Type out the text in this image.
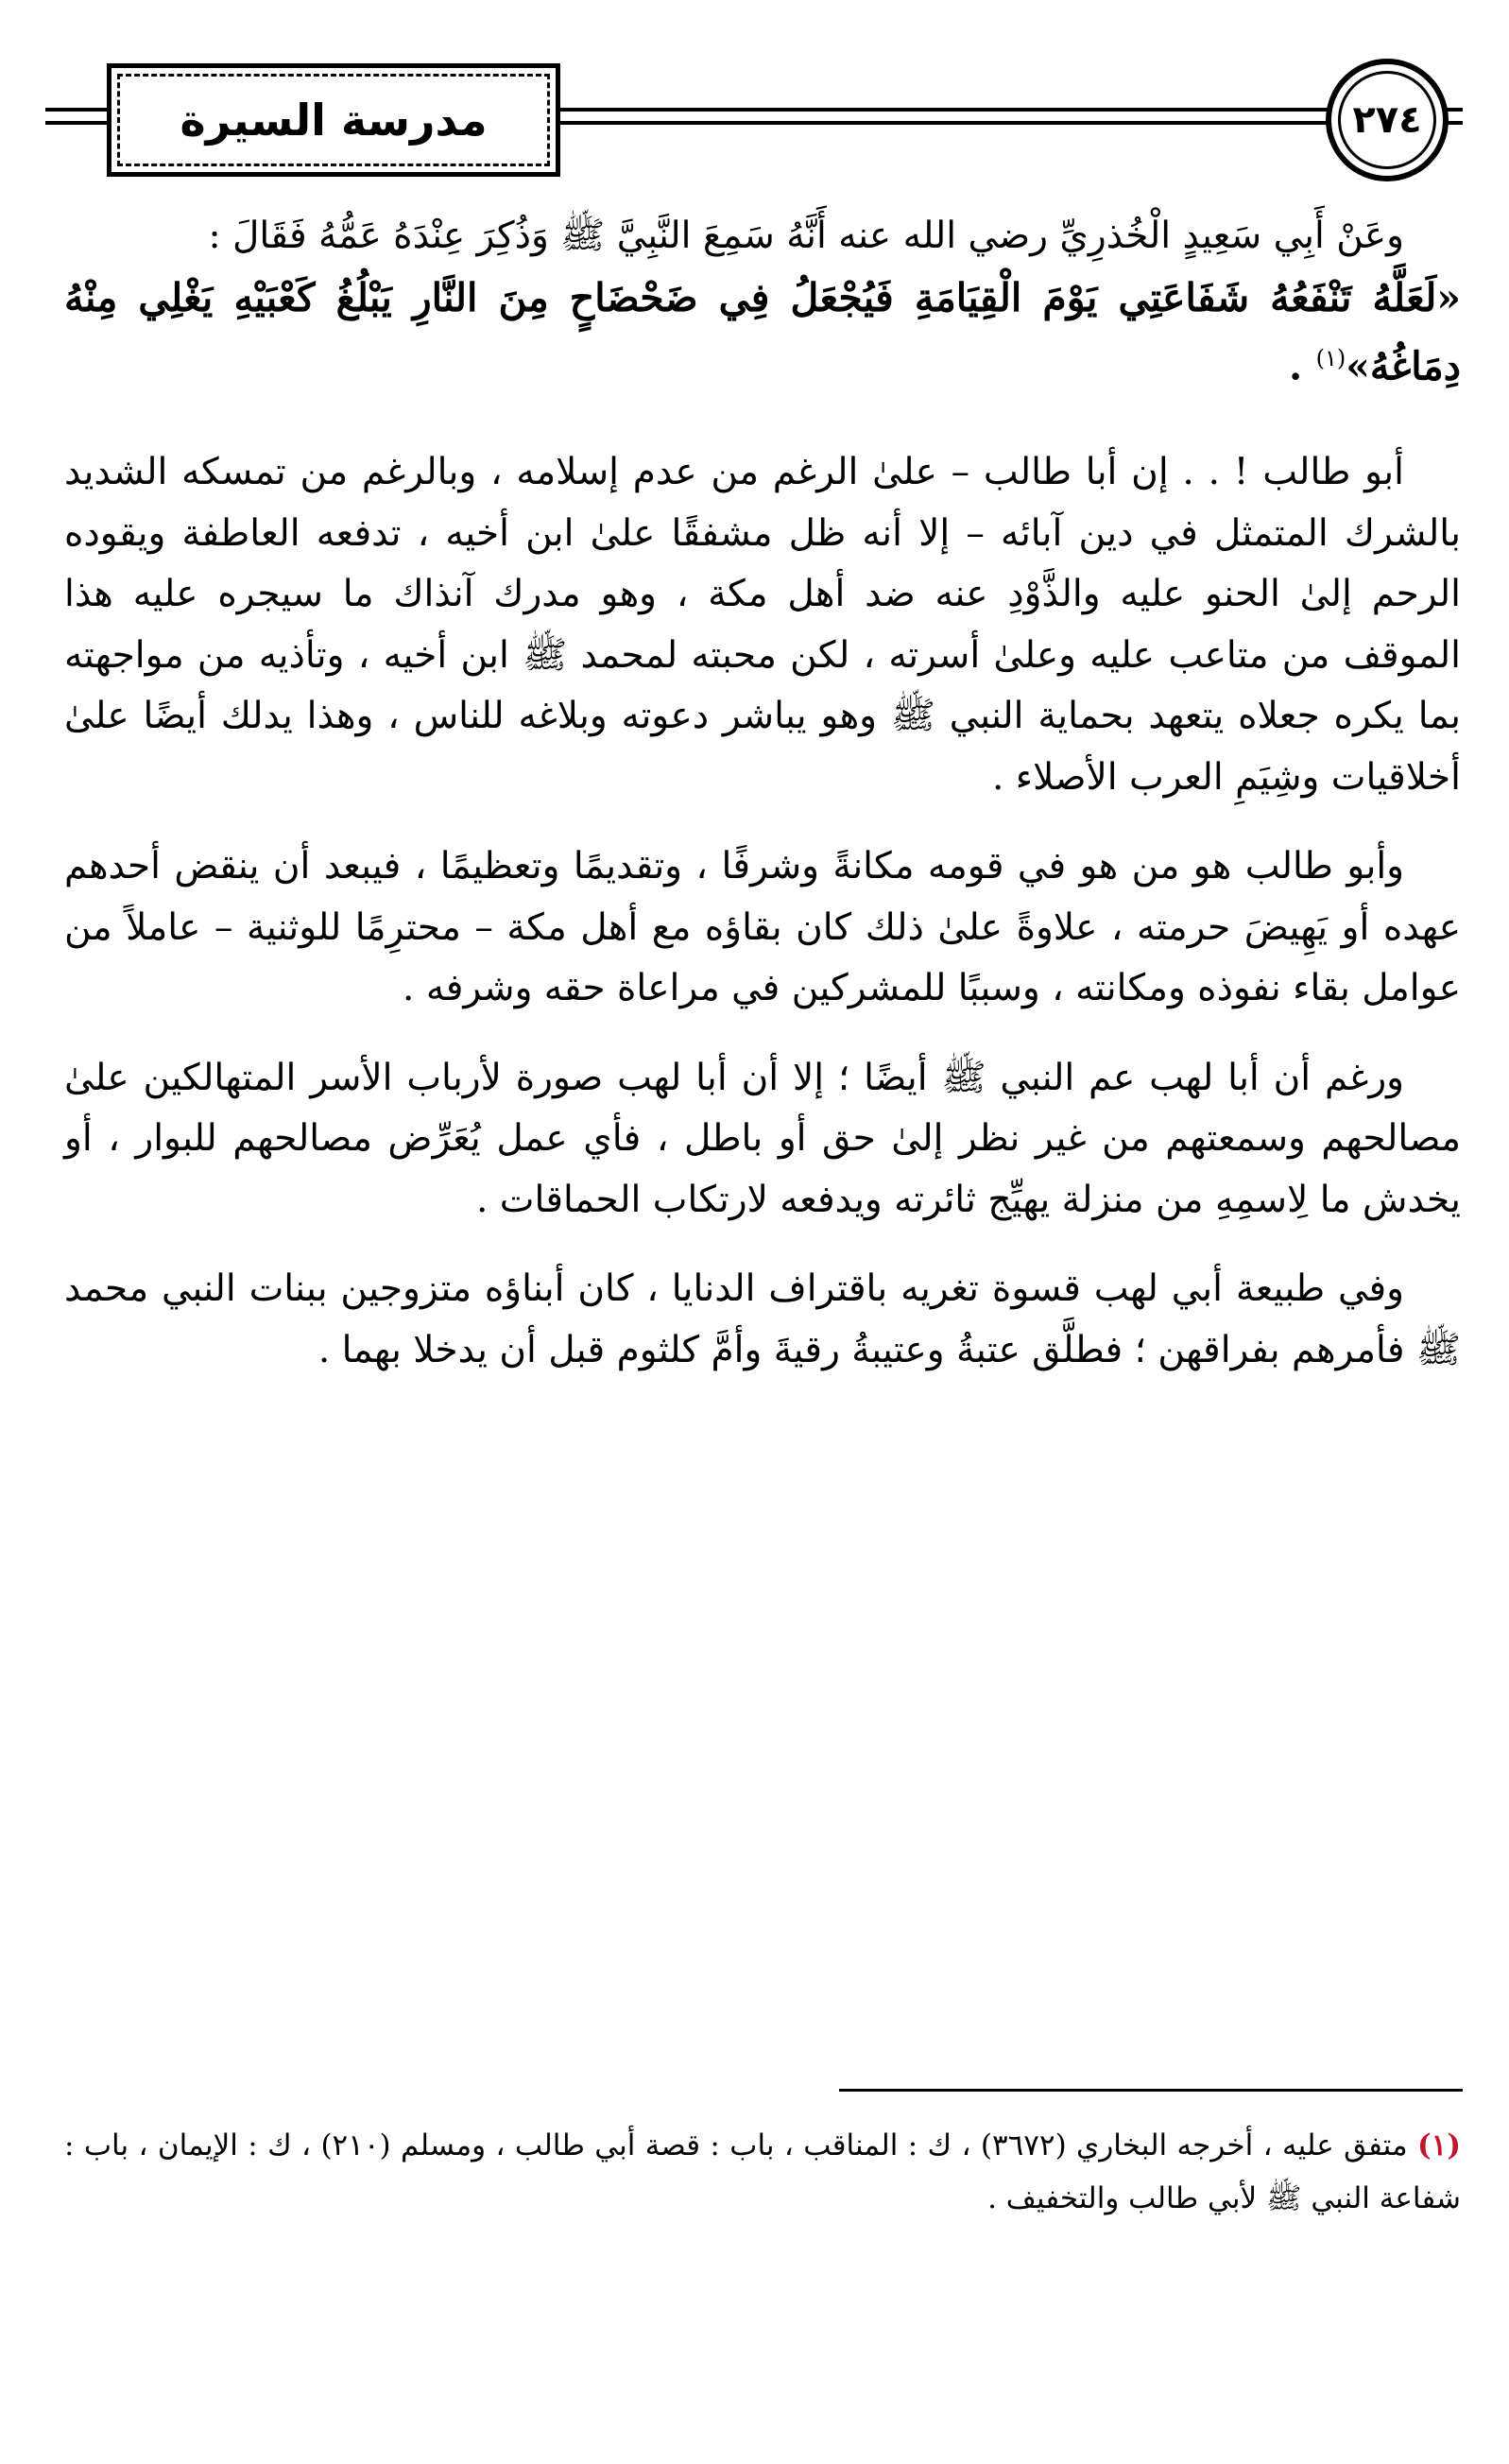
مدرسة السيرة	٢٧٤

وعَنْ أَبِي سَعِيدٍ الْخُذرِيِّ رضي الله عنه أَنَّهُ سَمِعَ النَّبِيَّ ﷺ وَذُكِرَ عِنْدَهُ عَمُّهُ فَقَالَ :

«لَعَلَّهُ تَنْفَعُهُ شَفَاعَتِي يَوْمَ الْقِيَامَةِ فَيُجْعَلُ فِي ضَحْضَاحٍ مِنَ النَّارِ يَبْلُغُ كَعْبَيْهِ يَغْلِي مِنْهُ دِمَاغُهُ»$^{(١)}$ .

أبو طالب ! . . إن أبا طالب – علىٰ الرغم من عدم إسلامه ، وبالرغم من تمسكه الشديد بالشرك المتمثل في دين آبائه – إلا أنه ظل مشفقًا علىٰ ابن أخيه ، تدفعه العاطفة ويقوده الرحم إلىٰ الحنو عليه والذَّوْدِ عنه ضد أهل مكة ، وهو مدرك آنذاك ما سيجره عليه هذا الموقف من متاعب عليه وعلىٰ أسرته ، لكن محبته لمحمد ﷺ ابن أخيه ، وتأذيه من مواجهته بما يكره جعلاه يتعهد بحماية النبي ﷺ وهو يباشر دعوته وبلاغه للناس ، وهذا يدلك أيضًا علىٰ أخلاقيات وشِيَمِ العرب الأصلاء .

وأبو طالب هو من هو في قومه مكانةً وشرفًا ، وتقديمًا وتعظيمًا ، فيبعد أن ينقض أحدهم عهده أو يَهِيضَ حرمته ، علاوةً علىٰ ذلك كان بقاؤه مع أهل مكة – محترِمًا للوثنية – عاملاً من عوامل بقاء نفوذه ومكانته ، وسببًا للمشركين في مراعاة حقه وشرفه .

ورغم أن أبا لهب عم النبي ﷺ أيضًا ؛ إلا أن أبا لهب صورة لأرباب الأسر المتهالكين علىٰ مصالحهم وسمعتهم من غير نظر إلىٰ حق أو باطل ، فأي عمل يُعَرِّض مصالحهم للبوار ، أو يخدش ما لِاسمِهِ من منزلة يهيِّج ثائرته ويدفعه لارتكاب الحماقات .

وفي طبيعة أبي لهب قسوة تغريه باقتراف الدنايا ، كان أبناؤه متزوجين ببنات النبي محمد ﷺ فأمرهم بفراقهن ؛ فطلَّق عتبةُ وعتيبةُ رقيةَ وأمَّ كلثوم قبل أن يدخلا بهما .

(١) متفق عليه ، أخرجه البخاري (٣٦٧٢) ، ك : المناقب ، باب : قصة أبي طالب ، ومسلم (٢١٠) ، ك : الإيمان ، باب : شفاعة النبي ﷺ لأبي طالب والتخفيف .
